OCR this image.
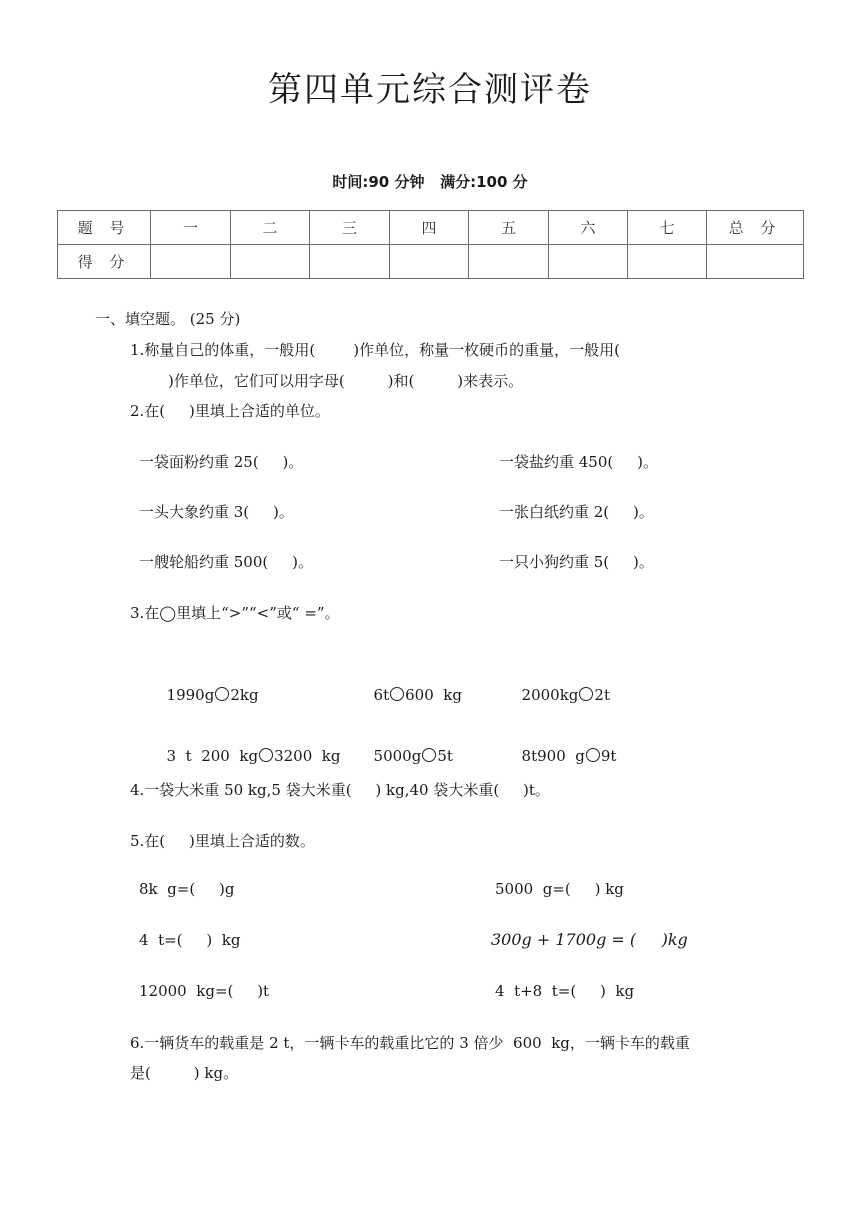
第四单元综合测评卷
时间:90 分钟   满分:100 分
题 号	一	二	三	四	五	六	七	总 分
得 分								
一、填空题。 (25 分)
1.称量自己的体重，一般用(        )作单位，称量一枚硬币的重量，一般用(
)作单位，它们可以用字母(         )和(         )来表示。
2.在(     )里填上合适的单位。
一袋面粉约重 25(     )。	一袋盐约重 450(     )。
一头大象约重 3(     )。	一张白纸约重 2(     )。
一艘轮船约重 500(     )。	一只小狗约重 5(     )。
3.在◯里填上“>”“<”或“ =”。

1990g 2kg	6t 600  kg	2000kg 2t

3  t  200  kg 3200  kg	5000g 5t	8t900  g 9t

4.一袋大米重 50 kg,5 袋大米重(     ) kg,40 袋大米重(     )t。
5.在(     )里填上合适的数。
8k  g=(     )g	5000  g=(     ) kg
4  t=(     )  kg	300g + 1700g = (     )kg
12000  kg=(     )t	4  t+8  t=(     )  kg
6.一辆货车的载重是 2 t，一辆卡车的载重比它的 3 倍少  600  kg，一辆卡车的载重
是(         ) kg。
